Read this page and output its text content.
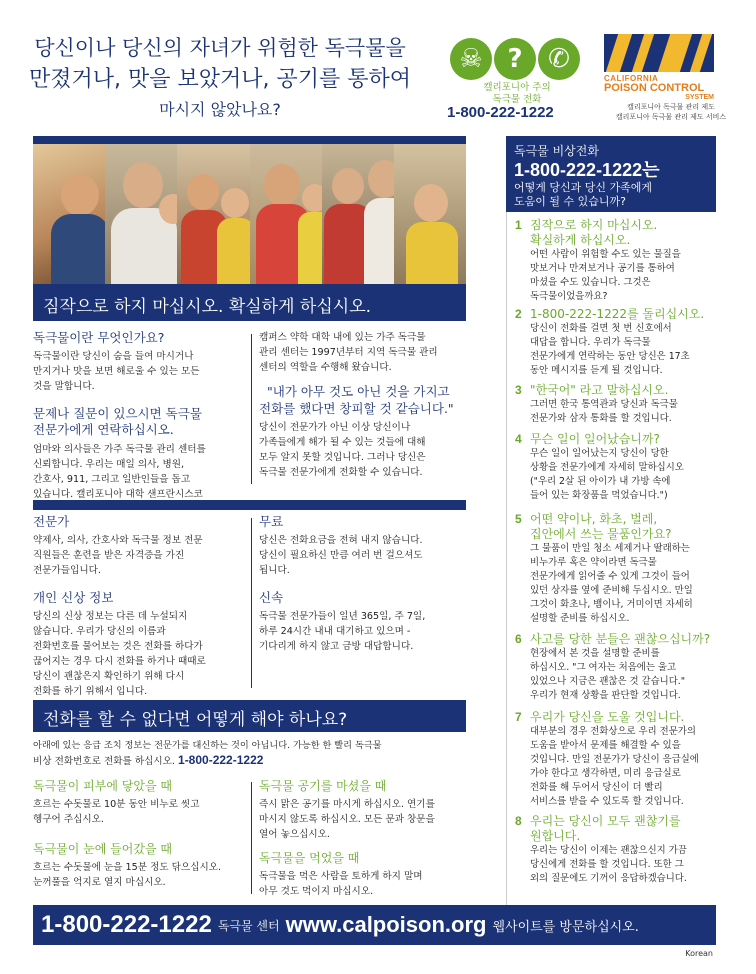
당신이나 당신의 자녀가 위험한 독극물을
만졌거나, 맛을 보았거나, 공기를 통하여
마시지 않았나요?
☠ ? ✆
캘리포니아 주의
독극물 전화
1-800-222-1222
CALIFORNIA
POISON CONTROL
SYSTEM
캘리포니아 독극물 관리 제도
캘리포니아 독극물 관리 제도 서비스
짐작으로 하지 마십시오. 확실하게 하십시오.
독극물이란 무엇인가요?
독극물이란 당신이 숨을 들여 마시거나
만지거나 맛을 보면 해로울 수 있는 모든
것을 말합니다.
문제나 질문이 있으시면 독극물
전문가에게 연락하십시오.
엄마와 의사들은 가주 독극물 관리 센터를
신뢰합니다. 우리는 매일 의사, 병원,
간호사, 911, 그리고 일반인들을 돕고
있습니다. 캘리포니아 대학 샌프란시스코
캠퍼스 약학 대학 내에 있는 가주 독극물
관리 센터는 1997년부터 지역 독극물 관리
센터의 역할을 수행해 왔습니다.
"내가 아무 것도 아닌 것을 가지고
전화를 했다면 창피할 것 같습니다."
당신이 전문가가 아닌 이상 당신이나
가족들에게 해가 될 수 있는 것들에 대해
모두 알지 못할 것입니다. 그러나 당신은
독극물 전문가에게 전화할 수 있습니다.
전문가
약제사, 의사, 간호사와 독극물 정보 전문
직원들은 훈련을 받은 자격증을 가진
전문가들입니다.
개인 신상 정보
당신의 신상 정보는 다른 데 누설되지
않습니다. 우리가 당신의 이름과
전화번호를 물어보는 것은 전화를 하다가
끊어지는 경우 다시 전화를 하거나 때때로
당신이 괜찮은지 확인하기 위해 다시
전화를 하기 위해서 입니다.
무료
당신은 전화요금을 전혀 내지 않습니다.
당신이 필요하신 만큼 여러 번 걸으셔도
됩니다.
신속
독극물 전문가들이 일년 365일, 주 7일,
하루 24시간 내내 대기하고 있으며 -
기다리게 하지 않고 금방 대답합니다.
전화를 할 수 없다면 어떻게 해야 하나요?
아래에 있는 응급 조치 정보는 전문가를 대신하는 것이 아닙니다. 가능한 한 빨리 독극물
비상 전화번호로 전화를 하십시오. 1-800-222-1222
독극물이 피부에 닿았을 때
흐르는 수돗물로 10분 동안 비누로 씻고
헹구어 주십시오.
독극물이 눈에 들어갔을 때
흐르는 수돗물에 눈을 15분 정도 닦으십시오.
눈꺼풀을 억지로 열지 마십시오.
독극물 공기를 마셨을 때
즉시 맑은 공기를 마시게 하십시오. 연기를
마시지 않도록 하십시오. 모든 문과 창문을
열어 놓으십시오.
독극물을 먹었을 때
독극물을 먹은 사람을 토하게 하지 말며
아무 것도 먹이지 마십시오.
독극물 비상전화
1-800-222-1222는
어떻게 당신과 당신 가족에게
도움이 될 수 있습니까?
1 짐작으로 하지 마십시오.
확실하게 하십시오.
어떤 사람이 위험할 수도 있는 물질을
맛보거나 만져보거나 공기를 통하여
마셨을 수도 있습니다. 그것은
독극물이었을까요?
2 1-800-222-1222를 돌리십시오.
당신이 전화를 걸면 첫 번 신호에서
대답을 합니다. 우리가 독극물
전문가에게 연락하는 동안 당신은 17초
동안 메시지를 듣게 될 것입니다.
3 "한국어" 라고 말하십시오.
그러면 한국 통역관과 당신과 독극물
전문가와 삼자 통화를 할 것입니다.
4 무슨 일이 일어났습니까?
무슨 일이 일어났는지 당신이 당한
상황을 전문가에게 자세히 말하십시오
("우리 2살 된 아이가 내 가방 속에
들어 있는 화장품을 먹었습니다.")
5 어떤 약이나, 화초, 벌레,
집안에서 쓰는 물품인가요?
그 물품이 만일 청소 세제거나 딸래하는
비누가루 혹은 약이라면 독극물
전문가에게 읽어줄 수 있게 그것이 들어
있던 상자를 옆에 준비해 두십시오. 만일
그것이 화초나, 뱀이나, 거미이면 자세히
설명할 준비를 하십시오.
6 사고를 당한 분들은 괜찮으십니까?
현장에서 본 것을 설명할 준비를
하십시오. "그 여자는 처음에는 울고
있었으나 지금은 괜찮은 것 같습니다."
우리가 현재 상황을 판단할 것입니다.
7 우리가 당신을 도울 것입니다.
대부분의 경우 전화상으로 우리 전문가의
도움을 받아서 문제를 해결할 수 있을
것입니다. 만일 전문가가 당신이 응급실에
가야 한다고 생각하면, 미리 응급실로
전화를 해 두어서 당신이 더 빨리
서비스를 받을 수 있도록 할 것입니다.
8 우리는 당신이 모두 괜찮기를
원합니다.
우리는 당신이 이제는 괜찮으신지 가끔
당신에게 전화를 할 것입니다. 또한 그
외의 질문에도 기꺼이 응답하겠습니다.
1-800-222-1222 독극물 센터 www.calpoison.org 웹사이트를 방문하십시오.
Korean
